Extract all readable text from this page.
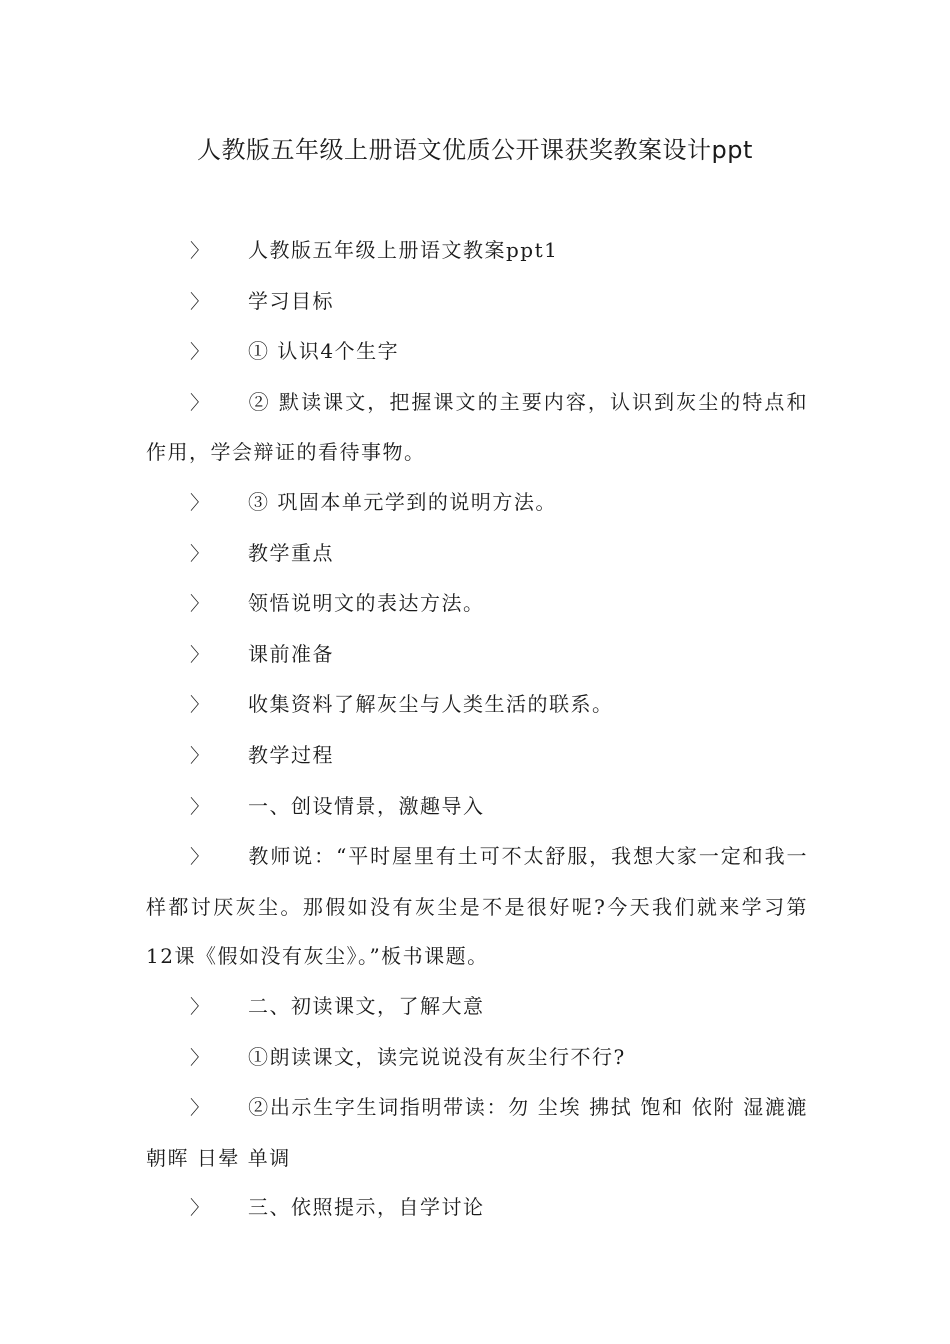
人教版五年级上册语文优质公开课获奖教案设计ppt

〉 人教版五年级上册语文教案ppt1

〉 学习目标

〉 ① 认识4个生字

〉 ② 默读课文，把握课文的主要内容，认识到灰尘的特点和作用，学会辩证的看待事物。

〉 ③ 巩固本单元学到的说明方法。

〉 教学重点

〉 领悟说明文的表达方法。

〉 课前准备

〉 收集资料了解灰尘与人类生活的联系。

〉 教学过程

〉 一、创设情景，激趣导入

〉 教师说：“平时屋里有土可不太舒服，我想大家一定和我一样都讨厌灰尘。那假如没有灰尘是不是很好呢?今天我们就来学习第12课《假如没有灰尘》。”板书课题。

〉 二、初读课文，了解大意

〉 ①朗读课文，读完说说没有灰尘行不行?

〉 ②出示生字生词指明带读：勿 尘埃 拂拭 饱和 依附 湿漉漉 朝晖 日晕 单调

〉 三、依照提示，自学讨论
